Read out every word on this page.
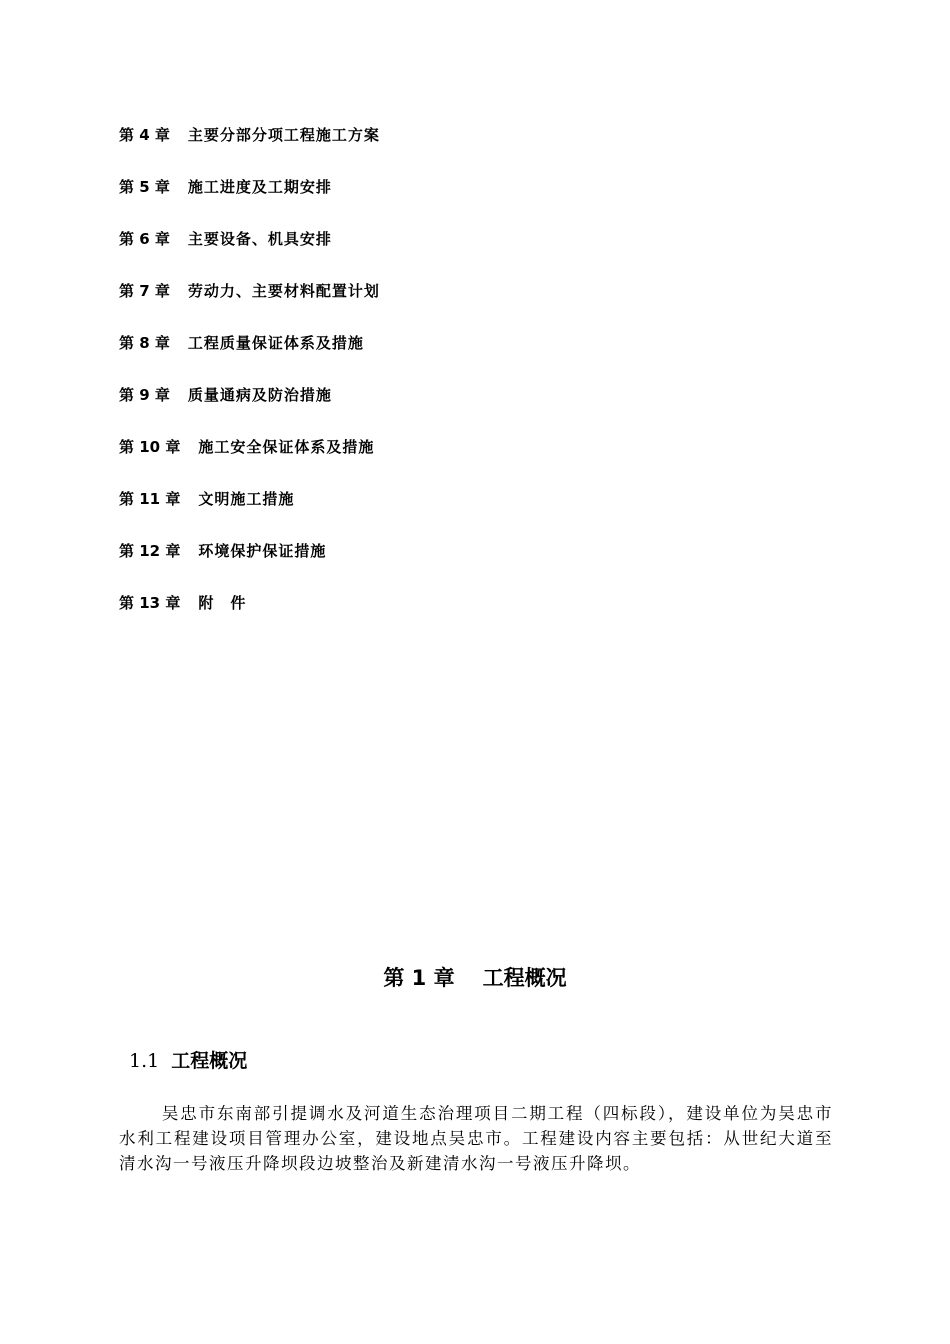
第 4 章 主要分部分项工程施工方案
第 5 章 施工进度及工期安排
第 6 章 主要设备、机具安排
第 7 章 劳动力、主要材料配置计划
第 8 章 工程质量保证体系及措施
第 9 章 质量通病及防治措施
第 10 章 施工安全保证体系及措施
第 11 章 文明施工措施
第 12 章 环境保护保证措施
第 13 章 附　件
第 1 章 工程概况
1.1 工程概况

吴忠市东南部引提调水及河道生态治理项目二期工程（四标段），建设单位为吴忠市水利工程建设项目管理办公室，建设地点吴忠市。工程建设内容主要包括：从世纪大道至清水沟一号液压升降坝段边坡整治及新建清水沟一号液压升降坝。
